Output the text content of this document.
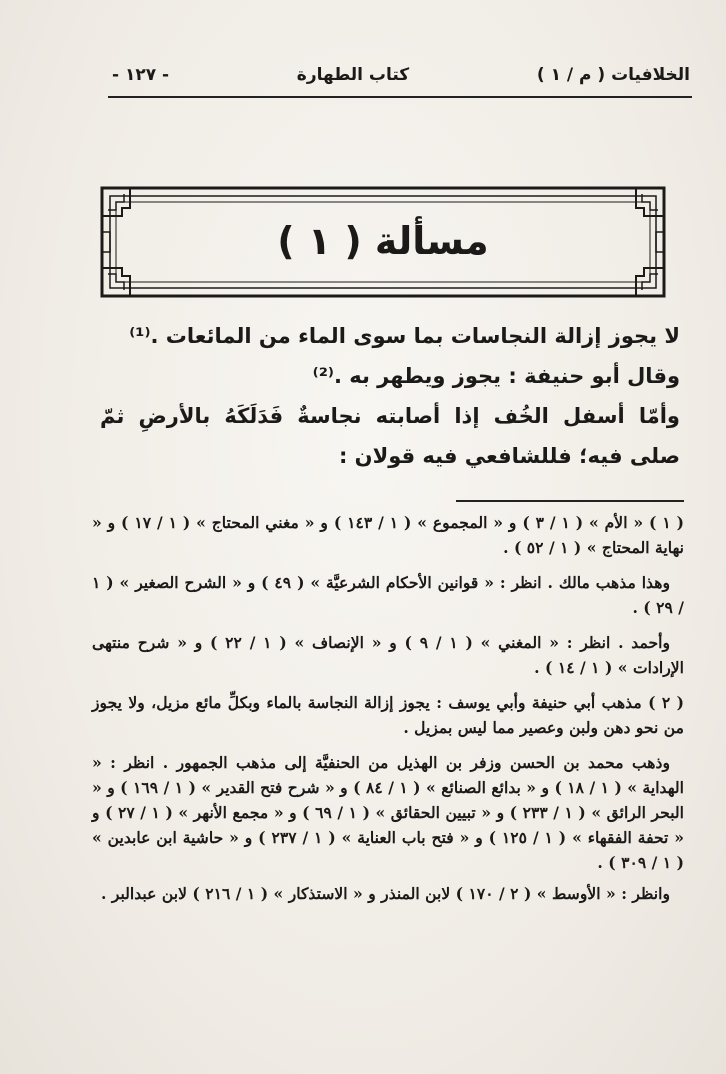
الخلافيات ( م / ١ )
كتاب الطهارة
- ١٢٧ -
مسألة ( ١ )

لا يجوز إزالة النجاسات بما سوى الماء من المائعات .⁽¹⁾

وقال أبو حنيفة : يجوز ويطهر به .⁽²⁾

وأمّا أسفل الخُف إذا أصابته نجاسةٌ فَدَلَكَهُ بالأرضِ ثمّ صلى فيه؛ فللشافعي فيه قولان :

( ١ ) « الأم » ( ١ / ٣ ) و « المجموع » ( ١ / ١٤٣ ) و « مغني المحتاج » ( ١ / ١٧ ) و « نهاية المحتاج » ( ١ / ٥٢ ) .

وهذا مذهب مالك . انظر : « قوانين الأحكام الشرعيَّة » ( ٤٩ ) و « الشرح الصغير » ( ١ / ٢٩ ) .

وأحمد . انظر : « المغني » ( ١ / ٩ ) و « الإنصاف » ( ١ / ٢٢ ) و « شرح منتهى الإرادات » ( ١ / ١٤ ) .

( ٢ ) مذهب أبي حنيفة وأبي يوسف : يجوز إزالة النجاسة بالماء وبكلِّ مائع مزيل، ولا يجوز من نحو دهن ولبن وعصير مما ليس بمزيل .

وذهب محمد بن الحسن وزفر بن الهذيل من الحنفيَّة إلى مذهب الجمهور . انظر : « الهداية » ( ١ / ١٨ ) و « بدائع الصنائع » ( ١ / ٨٤ ) و « شرح فتح القدير » ( ١ / ١٦٩ ) و « البحر الرائق » ( ١ / ٢٣٣ ) و « تبيين الحقائق » ( ١ / ٦٩ ) و « مجمع الأنهر » ( ١ / ٢٧ ) و « تحفة الفقهاء » ( ١ / ١٢٥ ) و « فتح باب العناية » ( ١ / ٢٣٧ ) و « حاشية ابن عابدين » ( ١ / ٣٠٩ ) .

وانظر : « الأوسط » ( ٢ / ١٧٠ ) لابن المنذر و « الاستذكار » ( ١ / ٢١٦ ) لابن عبدالبر .
